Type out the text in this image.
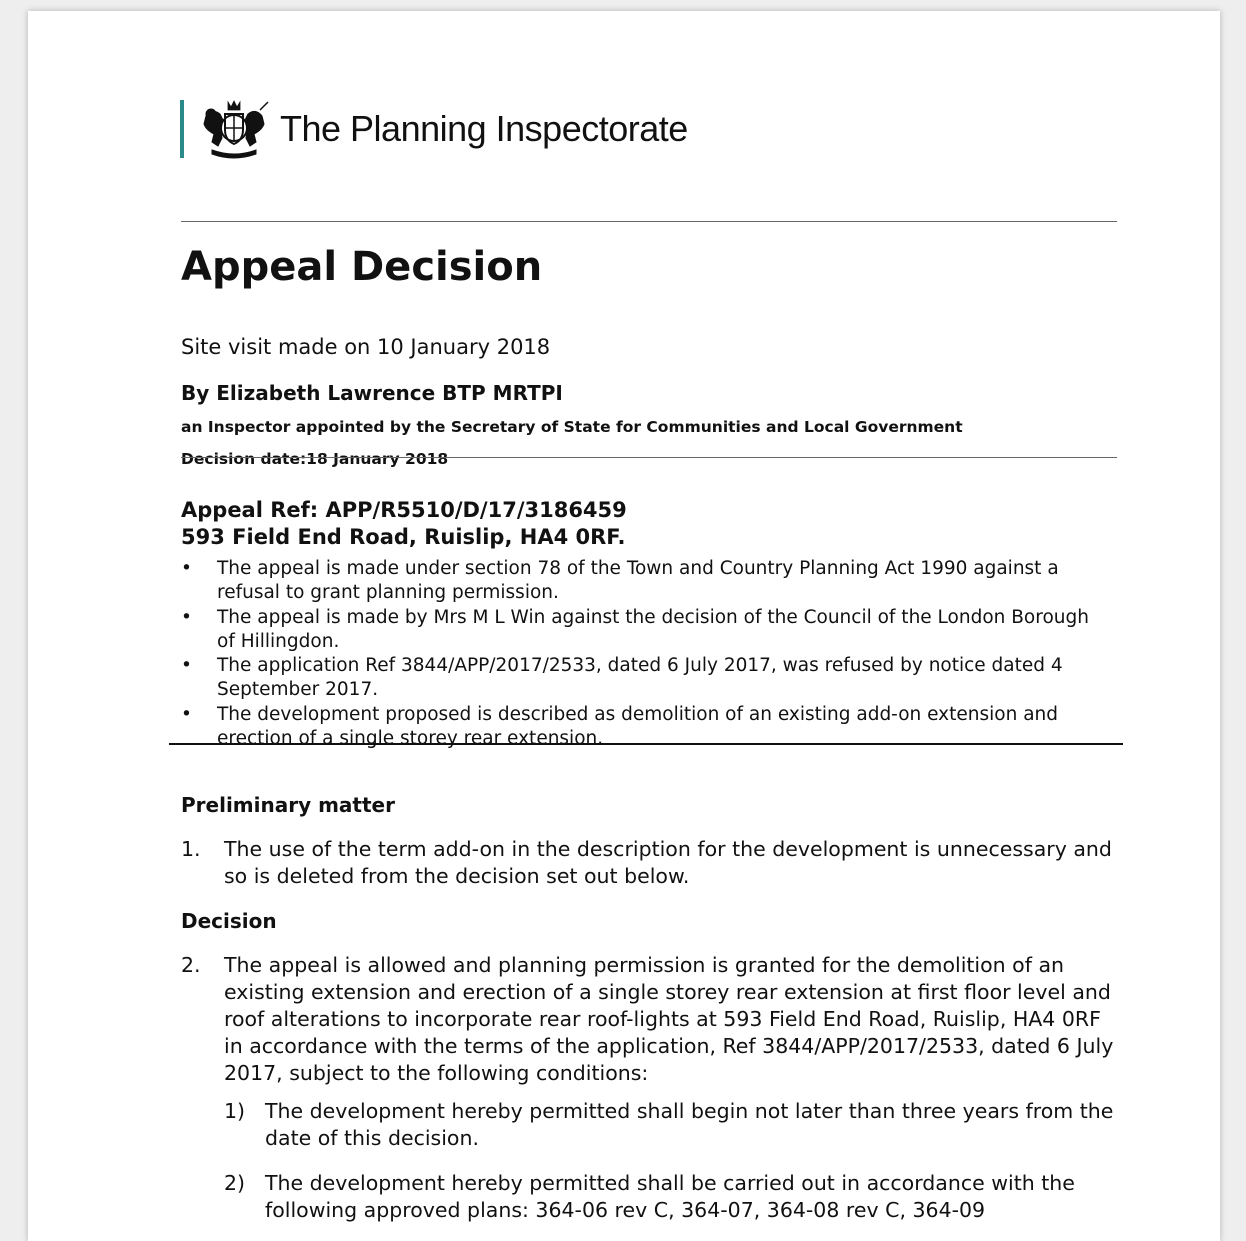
The Planning Inspectorate
Appeal Decision
Site visit made on 10 January 2018
By Elizabeth Lawrence BTP MRTPI
an Inspector appointed by the Secretary of State for Communities and Local Government
Decision date:18 January 2018
Appeal Ref: APP/R5510/D/17/3186459
593 Field End Road, Ruislip, HA4 0RF.
• The appeal is made under section 78 of the Town and Country Planning Act 1990 against a refusal to grant planning permission.
• The appeal is made by Mrs M L Win against the decision of the Council of the London Borough of Hillingdon.
• The application Ref 3844/APP/2017/2533, dated 6 July 2017, was refused by notice dated 4 September 2017.
• The development proposed is described as demolition of an existing add-on extension and erection of a single storey rear extension.
Preliminary matter
1.	The use of the term add-on in the description for the development is unnecessary and so is deleted from the decision set out below.
Decision
2.	The appeal is allowed and planning permission is granted for the demolition of an existing extension and erection of a single storey rear extension at first floor level and roof alterations to incorporate rear roof-lights at 593 Field End Road, Ruislip, HA4 0RF in accordance with the terms of the application, Ref 3844/APP/2017/2533, dated 6 July 2017, subject to the following conditions:
1) The development hereby permitted shall begin not later than three years from the date of this decision.
2) The development hereby permitted shall be carried out in accordance with the following approved plans: 364-06 rev C, 364-07, 364-08 rev C, 364-09
